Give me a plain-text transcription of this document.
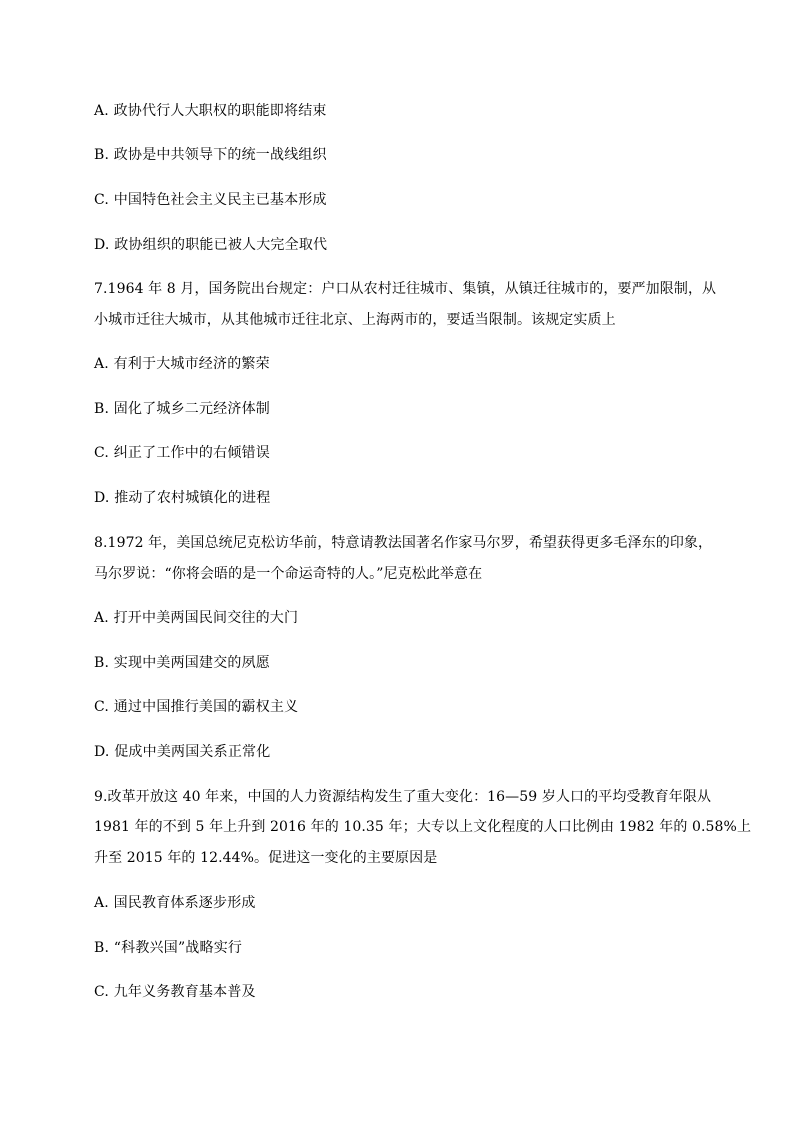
A. 政协代行人大职权的职能即将结束
B. 政协是中共领导下的统一战线组织
C. 中国特色社会主义民主已基本形成
D. 政协组织的职能已被人大完全取代
7.1964 年 8 月，国务院出台规定：户口从农村迁往城市、集镇，从镇迁往城市的，要严加限制，从
小城市迁往大城市，从其他城市迁往北京、上海两市的，要适当限制。该规定实质上
A. 有利于大城市经济的繁荣
B. 固化了城乡二元经济体制
C. 纠正了工作中的右倾错误
D. 推动了农村城镇化的进程
8.1972 年，美国总统尼克松访华前，特意请教法国著名作家马尔罗，希望获得更多毛泽东的印象，
马尔罗说：“你将会晤的是一个命运奇特的人。”尼克松此举意在
A. 打开中美两国民间交往的大门
B. 实现中美两国建交的夙愿
C. 通过中国推行美国的霸权主义
D. 促成中美两国关系正常化
9.改革开放这 40 年来，中国的人力资源结构发生了重大变化：16—59 岁人口的平均受教育年限从
1981 年的不到 5 年上升到 2016 年的 10.35 年；大专以上文化程度的人口比例由 1982 年的 0.58%上
升至 2015 年的 12.44%。促进这一变化的主要原因是
A. 国民教育体系逐步形成
B. “科教兴国”战略实行
C. 九年义务教育基本普及
